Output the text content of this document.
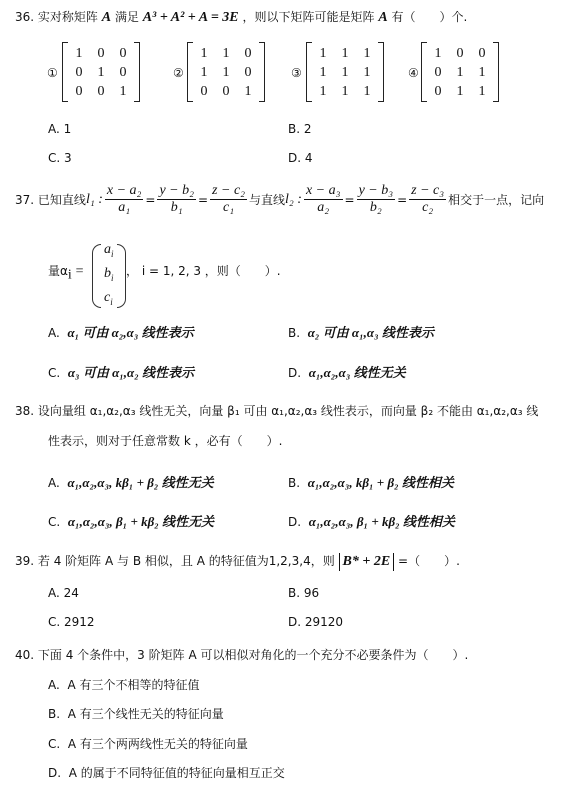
36. 实对称矩阵 A 满足 A³ + A² + A = 3E ，则以下矩阵可能是矩阵 A 有（　　）个.
①
1	0	0
0	1	0
0	0	1
②
1	1	0
1	1	0
0	0	1
③
1	1	1
1	1	1
1	1	1
④
1	0	0
0	1	1
0	1	1
A. 1	B. 2
C. 3	D. 4
37.
已知直线 l₁ : $\frac{\text{x − a₂}}{\text{a₁}} = \frac{\text{y − b₂}}{\text{b₁}} = \frac{\text{z − c₂}}{\text{c₁}}$ 与直线 l₂ : $\frac{\text{x − a₃}}{\text{a₂}} = \frac{\text{y − b₃}}{\text{b₂}} = \frac{\text{z − c₃}}{\text{c₂}}$ 相交于一点，记向
量$\alpha_i$ =
$a_i$
$b_i$
$c_i$
， i = 1, 2, 3 ，则（　　）.
A. α₁ 可由 α₂,α₃ 线性表示	B. α₂ 可由 α₁,α₃ 线性表示
C. α₃ 可由 α₁,α₂ 线性表示	D. α₁,α₂,α₃ 线性无关
38. 设向量组 α₁,α₂,α₃ 线性无关，向量 β₁ 可由 α₁,α₂,α₃ 线性表示，而向量 β₂ 不能由 α₁,α₂,α₃ 线
性表示，则对于任意常数 k ，必有（　　）.
A. α₁,α₂,α₃, kβ₁ + β₂ 线性无关	B. α₁,α₂,α₃, kβ₁ + β₂ 线性相关
C. α₁,α₂,α₃, β₁ + kβ₂ 线性无关	D. α₁,α₂,α₃, β₁ + kβ₂ 线性相关
39. 若 4 阶矩阵 A 与 B 相似，且 A 的特征值为1,2,3,4，则 B* + 2E =（　　）.
A. 24	B. 96
C. 2912	D. 29120
40. 下面 4 个条件中，3 阶矩阵 A 可以相似对角化的一个充分不必要条件为（　　）.
A. A 有三个不相等的特征值
B. A 有三个线性无关的特征向量
C. A 有三个两两线性无关的特征向量
D. A 的属于不同特征值的特征向量相互正交
